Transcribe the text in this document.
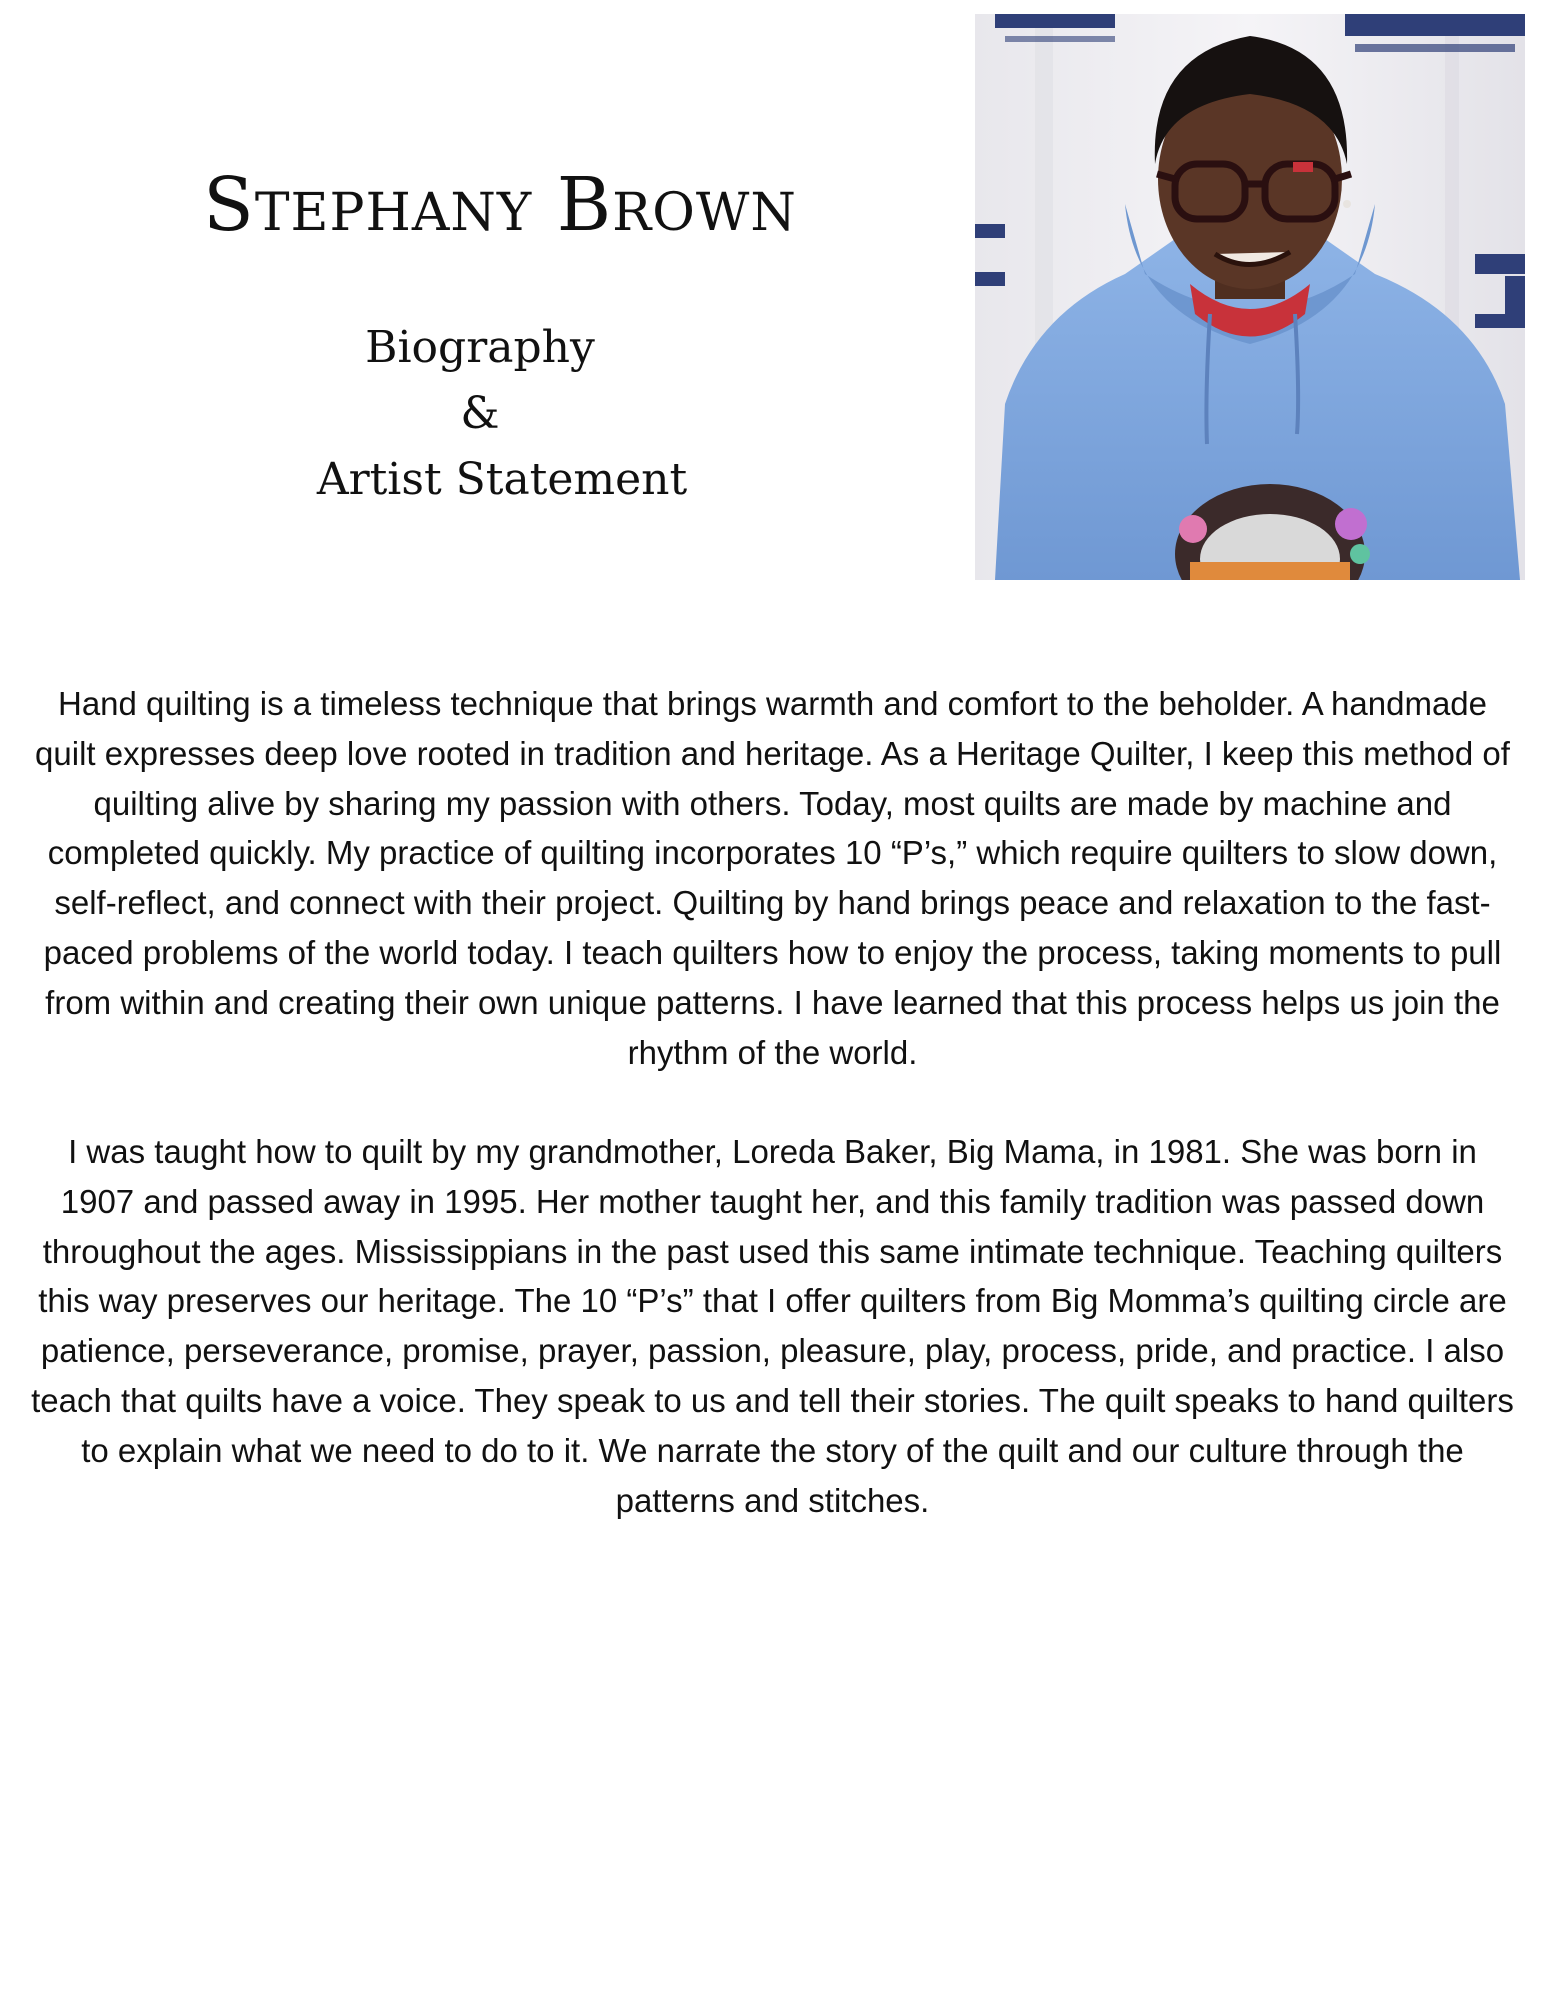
Stephany Brown
Biography
&
Artist Statement

Hand quilting is a timeless technique that brings warmth and comfort to the beholder. A handmade quilt expresses deep love rooted in tradition and heritage. As a Heritage Quilter, I keep this method of quilting alive by sharing my passion with others. Today, most quilts are made by machine and completed quickly. My practice of quilting incorporates 10 “P’s,” which require quilters to slow down, self-reflect, and connect with their project. Quilting by hand brings peace and relaxation to the fast-paced problems of the world today. I teach quilters how to enjoy the process, taking moments to pull from within and creating their own unique patterns. I have learned that this process helps us join the rhythm of the world.

I was taught how to quilt by my grandmother, Loreda Baker, Big Mama, in 1981. She was born in 1907 and passed away in 1995. Her mother taught her, and this family tradition was passed down throughout the ages. Mississippians in the past used this same intimate technique. Teaching quilters this way preserves our heritage. The 10 “P’s” that I offer quilters from Big Momma’s quilting circle are patience, perseverance, promise, prayer, passion, pleasure, play, process, pride, and practice. I also teach that quilts have a voice. They speak to us and tell their stories. The quilt speaks to hand quilters to explain what we need to do to it. We narrate the story of the quilt and our culture through the patterns and stitches.
